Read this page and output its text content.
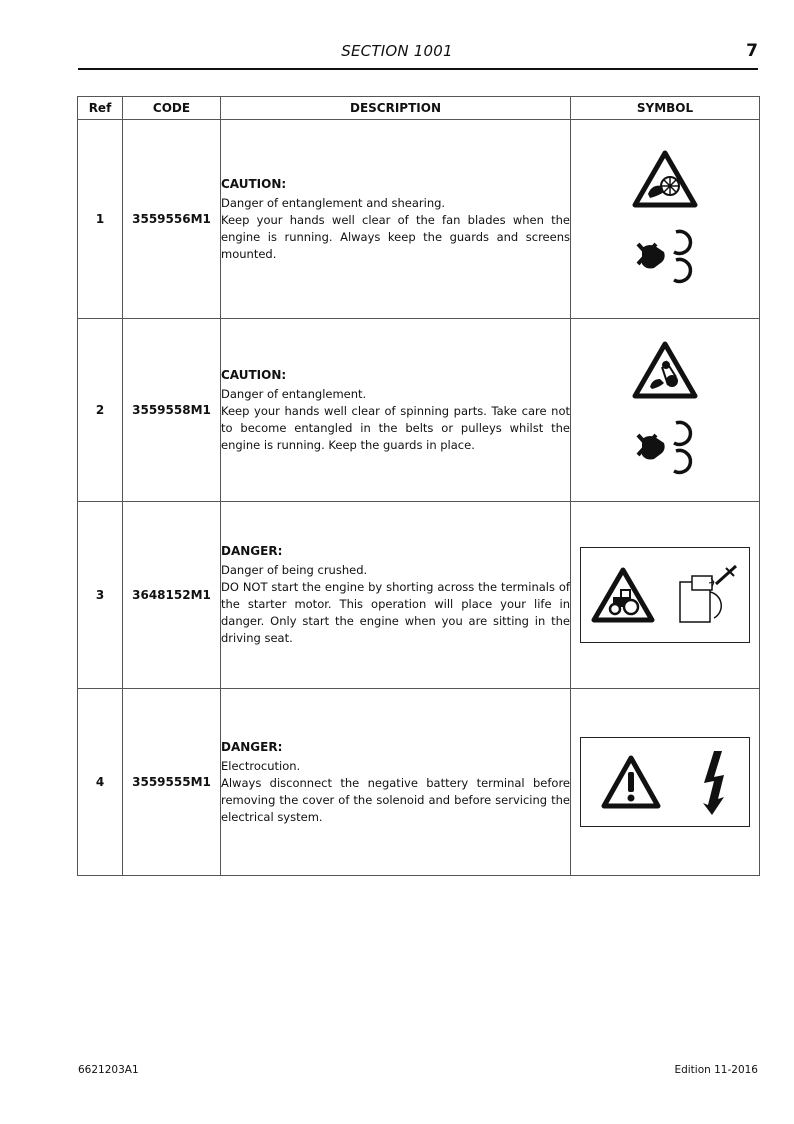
SECTION 1001	7
Ref	CODE	DESCRIPTION	SYMBOL
1	3559556M1	CAUTION:
Danger of entanglement and shearing.
Keep your hands well clear of the fan blades when the engine is running. Always keep the guards and screens mounted.

2	3559558M1	CAUTION:
Danger of entanglement.
Keep your hands well clear of spinning parts. Take care not to become entangled in the belts or pulleys whilst the engine is running. Keep the guards in place.

3	3648152M1	DANGER:
Danger of being crushed.
DO NOT start the engine by shorting across the terminals of the starter motor. This operation will place your life in danger. Only start the engine when you are sitting in the driving seat.

4	3559555M1	DANGER:
Electrocution.
Always disconnect the negative battery terminal before removing the cover of the solenoid and before servicing the electrical system.

6621203A1	Edition 11-2016
